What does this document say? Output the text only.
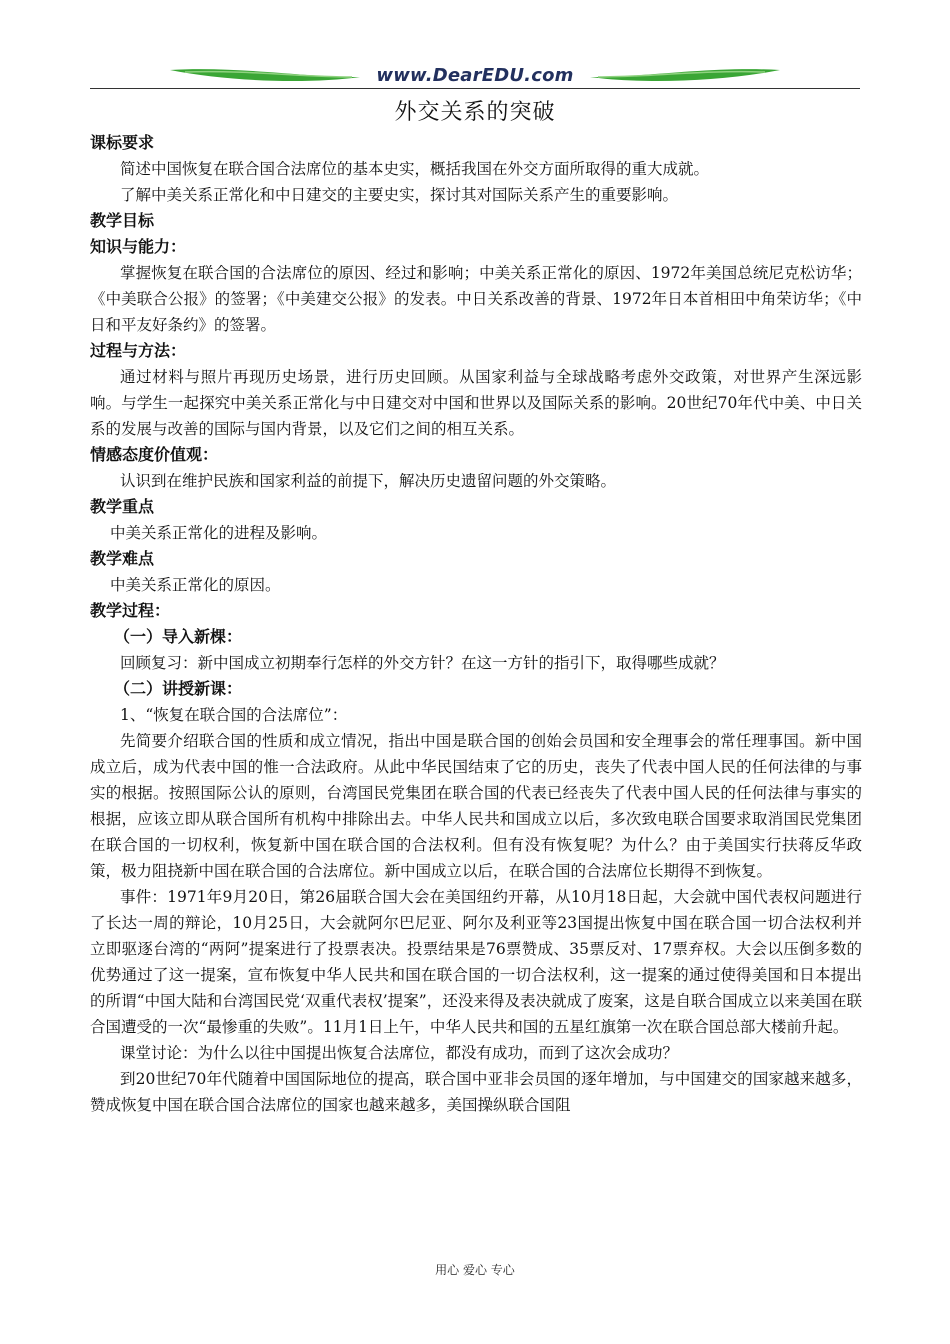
www.DearEDU.com
外交关系的突破

课标要求

简述中国恢复在联合国合法席位的基本史实，概括我国在外交方面所取得的重大成就。

了解中美关系正常化和中日建交的主要史实，探讨其对国际关系产生的重要影响。

教学目标

知识与能力：

掌握恢复在联合国的合法席位的原因、经过和影响；中美关系正常化的原因、1972年美国总统尼克松访华；《中美联合公报》的签署；《中美建交公报》的发表。中日关系改善的背景、1972年日本首相田中角荣访华；《中日和平友好条约》的签署。

过程与方法：

通过材料与照片再现历史场景，进行历史回顾。从国家利益与全球战略考虑外交政策，对世界产生深远影响。与学生一起探究中美关系正常化与中日建交对中国和世界以及国际关系的影响。20世纪70年代中美、中日关系的发展与改善的国际与国内背景，以及它们之间的相互关系。

情感态度价值观：

认识到在维护民族和国家利益的前提下，解决历史遗留问题的外交策略。

教学重点

中美关系正常化的进程及影响。

教学难点

中美关系正常化的原因。

教学过程：

（一）导入新棵：

回顾复习：新中国成立初期奉行怎样的外交方针？在这一方针的指引下，取得哪些成就？

（二）讲授新课：

1、“恢复在联合国的合法席位”：

先简要介绍联合国的性质和成立情况，指出中国是联合国的创始会员国和安全理事会的常任理事国。新中国成立后，成为代表中国的惟一合法政府。从此中华民国结束了它的历史，丧失了代表中国人民的任何法律的与事实的根据。按照国际公认的原则，台湾国民党集团在联合国的代表已经丧失了代表中国人民的任何法律与事实的根据，应该立即从联合国所有机构中排除出去。中华人民共和国成立以后，多次致电联合国要求取消国民党集团在联合国的一切权利，恢复新中国在联合国的合法权利。但有没有恢复呢？为什么？由于美国实行扶蒋反华政策，极力阻挠新中国在联合国的合法席位。新中国成立以后，在联合国的合法席位长期得不到恢复。

事件：1971年9月20日，第26届联合国大会在美国纽约开幕，从10月18日起，大会就中国代表权问题进行了长达一周的辩论，10月25日，大会就阿尔巴尼亚、阿尔及利亚等23国提出恢复中国在联合国一切合法权利并立即驱逐台湾的“两阿”提案进行了投票表决。投票结果是76票赞成、35票反对、17票弃权。大会以压倒多数的优势通过了这一提案，宣布恢复中华人民共和国在联合国的一切合法权利，这一提案的通过使得美国和日本提出的所谓“中国大陆和台湾国民党‘双重代表权’提案”，还没来得及表决就成了废案，这是自联合国成立以来美国在联合国遭受的一次“最惨重的失败”。11月1日上午，中华人民共和国的五星红旗第一次在联合国总部大楼前升起。

课堂讨论：为什么以往中国提出恢复合法席位，都没有成功，而到了这次会成功？

到20世纪70年代随着中国国际地位的提高，联合国中亚非会员国的逐年增加，与中国建交的国家越来越多，赞成恢复中国在联合国合法席位的国家也越来越多，美国操纵联合国阻

用心 爱心 专心
